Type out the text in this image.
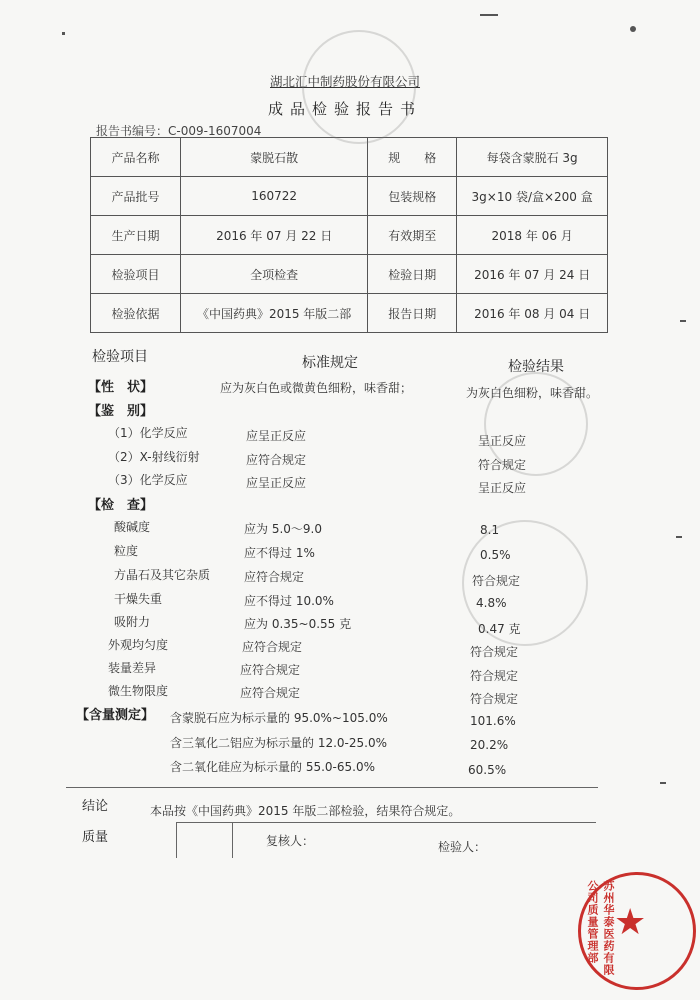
湖北汇中制药股份有限公司
成品检验报告书
报告书编号：C-009-1607004
产品名称	蒙脱石散	规　　格	每袋含蒙脱石 3g
产品批号	160722	包装规格	3g×10 袋/盒×200 盒
生产日期	2016 年 07 月 22 日	有效期至	2018 年 06 月
检验项目	全项检查	检验日期	2016 年 07 月 24 日
检验依据	《中国药典》2015 年版二部	报告日期	2016 年 08 月 04 日
检验项目	标准规定	检验结果
【性　状】	应为灰白色或微黄色细粉，味香甜；	为灰白色细粉，味香甜。
【鉴　别】
（1）化学反应	应呈正反应	呈正反应
（2）X-射线衍射	应符合规定	符合规定
（3）化学反应	应呈正反应	呈正反应
【检　查】
酸碱度	应为 5.0～9.0	8.1
粒度	应不得过 1%	0.5%
方晶石及其它杂质	应符合规定	符合规定
干燥失重	应不得过 10.0%	4.8%
吸附力	应为 0.35~0.55 克	0.47 克
外观均匀度	应符合规定	符合规定
装量差异	应符合规定	符合规定
微生物限度	应符合规定	符合规定
【含量测定】 含蒙脱石应为标示量的 95.0%~105.0%	101.6%
含三氧化二铝应为标示量的 12.0-25.0%	20.2%
含二氧化硅应为标示量的 55.0-65.0%	60.5%
结论	本品按《中国药典》2015 年版二部检验，结果符合规定。
质量	复核人：	检验人：
★
苏州华泰医药有限公司质量管理部
